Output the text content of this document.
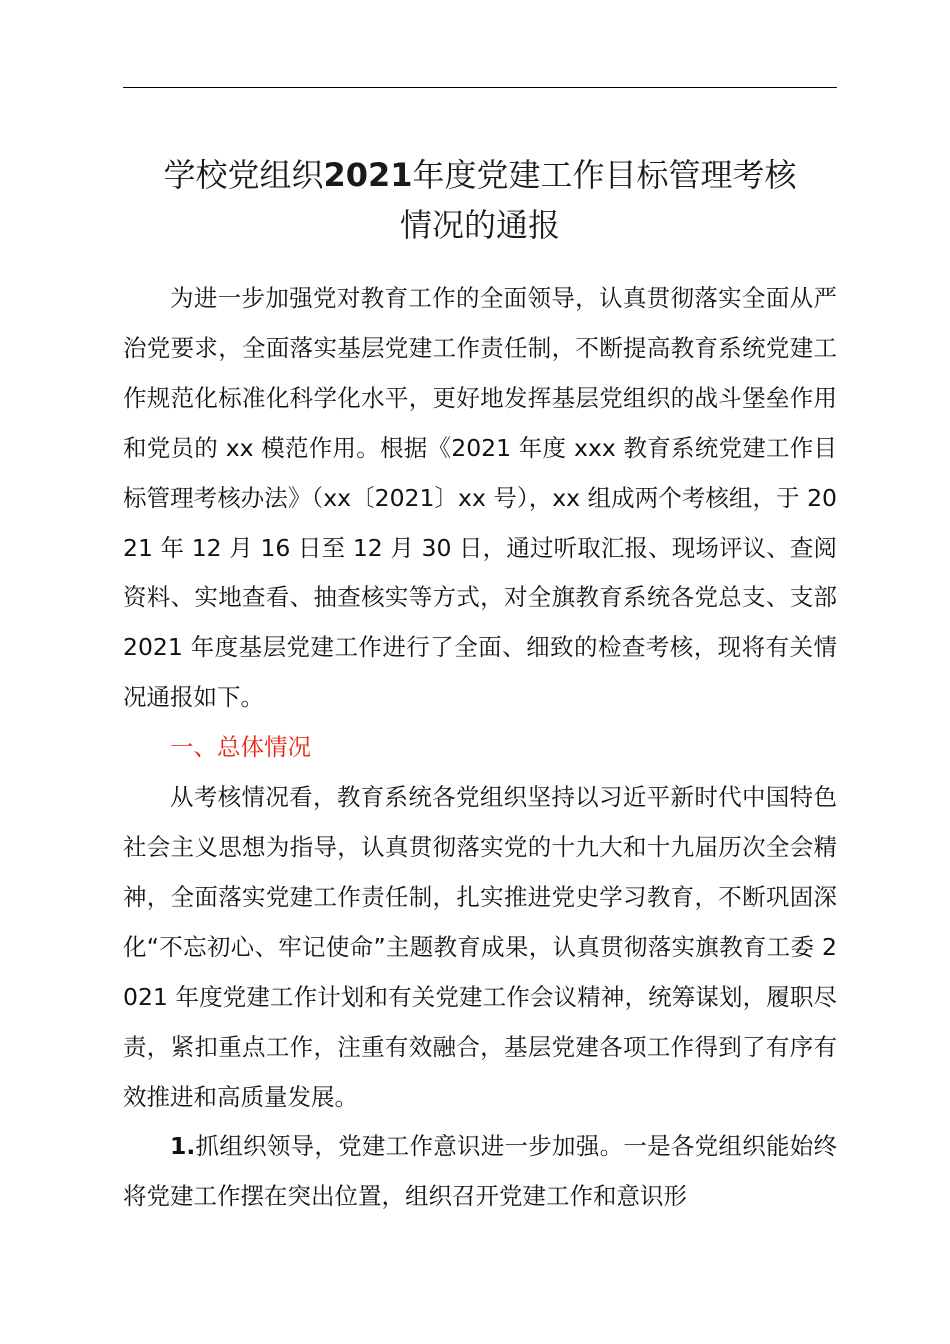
学校党组织2021年度党建工作目标管理考核
情况的通报

为进一步加强党对教育工作的全面领导，认真贯彻落实全面从严治党要求，全面落实基层党建工作责任制，不断提高教育系统党建工作规范化标准化科学化水平，更好地发挥基层党组织的战斗堡垒作用和党员的 xx 模范作用。根据《2021 年度 xxx 教育系统党建工作目标管理考核办法》（xx〔2021〕xx 号），xx 组成两个考核组，于 2021 年 12 月 16 日至 12 月 30 日，通过听取汇报、现场评议、查阅资料、实地查看、抽查核实等方式，对全旗教育系统各党总支、支部 2021 年度基层党建工作进行了全面、细致的检查考核，现将有关情况通报如下。

一、总体情况

从考核情况看，教育系统各党组织坚持以习近平新时代中国特色社会主义思想为指导，认真贯彻落实党的十九大和十九届历次全会精神，全面落实党建工作责任制，扎实推进党史学习教育，不断巩固深化“不忘初心、牢记使命”主题教育成果，认真贯彻落实旗教育工委 2021 年度党建工作计划和有关党建工作会议精神，统筹谋划，履职尽责，紧扣重点工作，注重有效融合，基层党建各项工作得到了有序有效推进和高质量发展。

1.抓组织领导，党建工作意识进一步加强。一是各党组织能始终将党建工作摆在突出位置，组织召开党建工作和意识形
